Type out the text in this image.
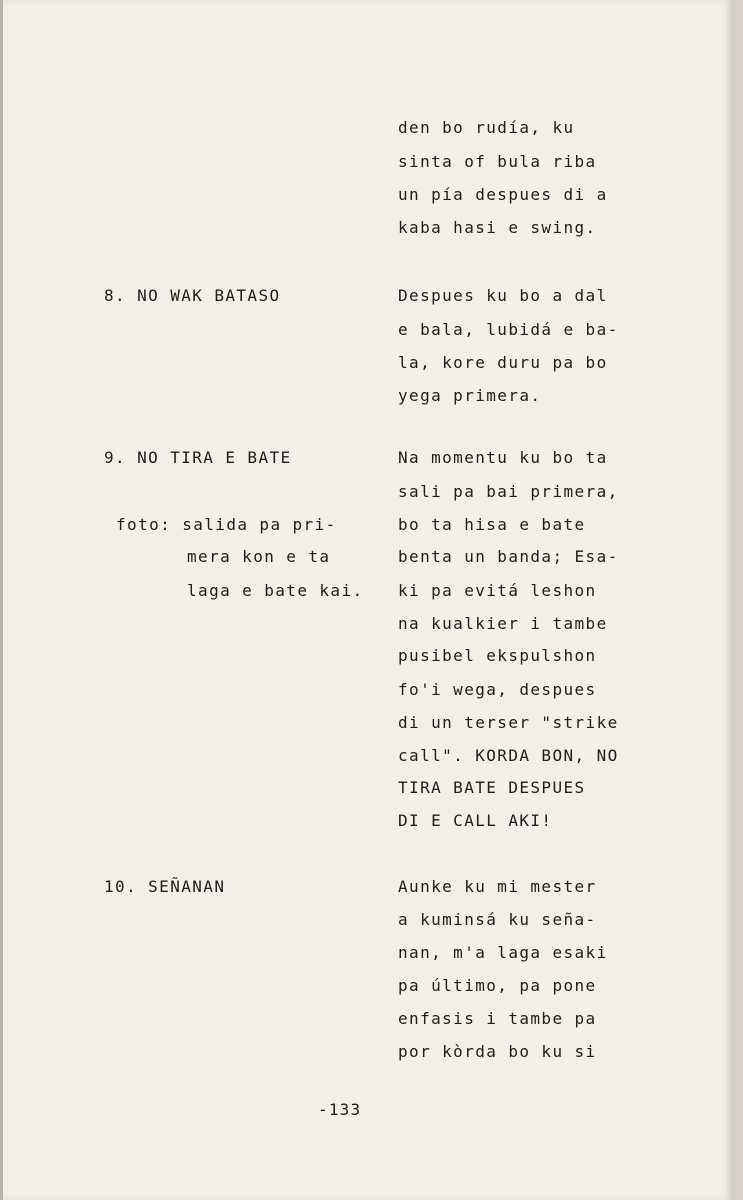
den bo rudía, ku
sinta of bula riba
un pía despues di a
kaba hasi e swing.
Despues ku bo a dal
e bala, lubidá e ba-
la, kore duru pa bo
yega primera.
Na momentu ku bo ta
sali pa bai primera,
bo ta hisa e bate
benta un banda; Esa-
ki pa evitá leshon
na kualkier i tambe
pusibel ekspulshon
fo'i wega, despues
di un terser "strike
call". KORDA BON, NO
TIRA BATE DESPUES
DI E CALL AKI!
Aunke ku mi mester
a kuminsá ku seña-
nan, m'a laga esaki
pa último, pa pone
enfasis i tambe pa
por kòrda bo ku si
8. NO WAK BATASO
9. NO TIRA E BATE
foto: salida pa pri-
mera kon e ta
laga e bate kai.
10. SEÑANAN
-133
